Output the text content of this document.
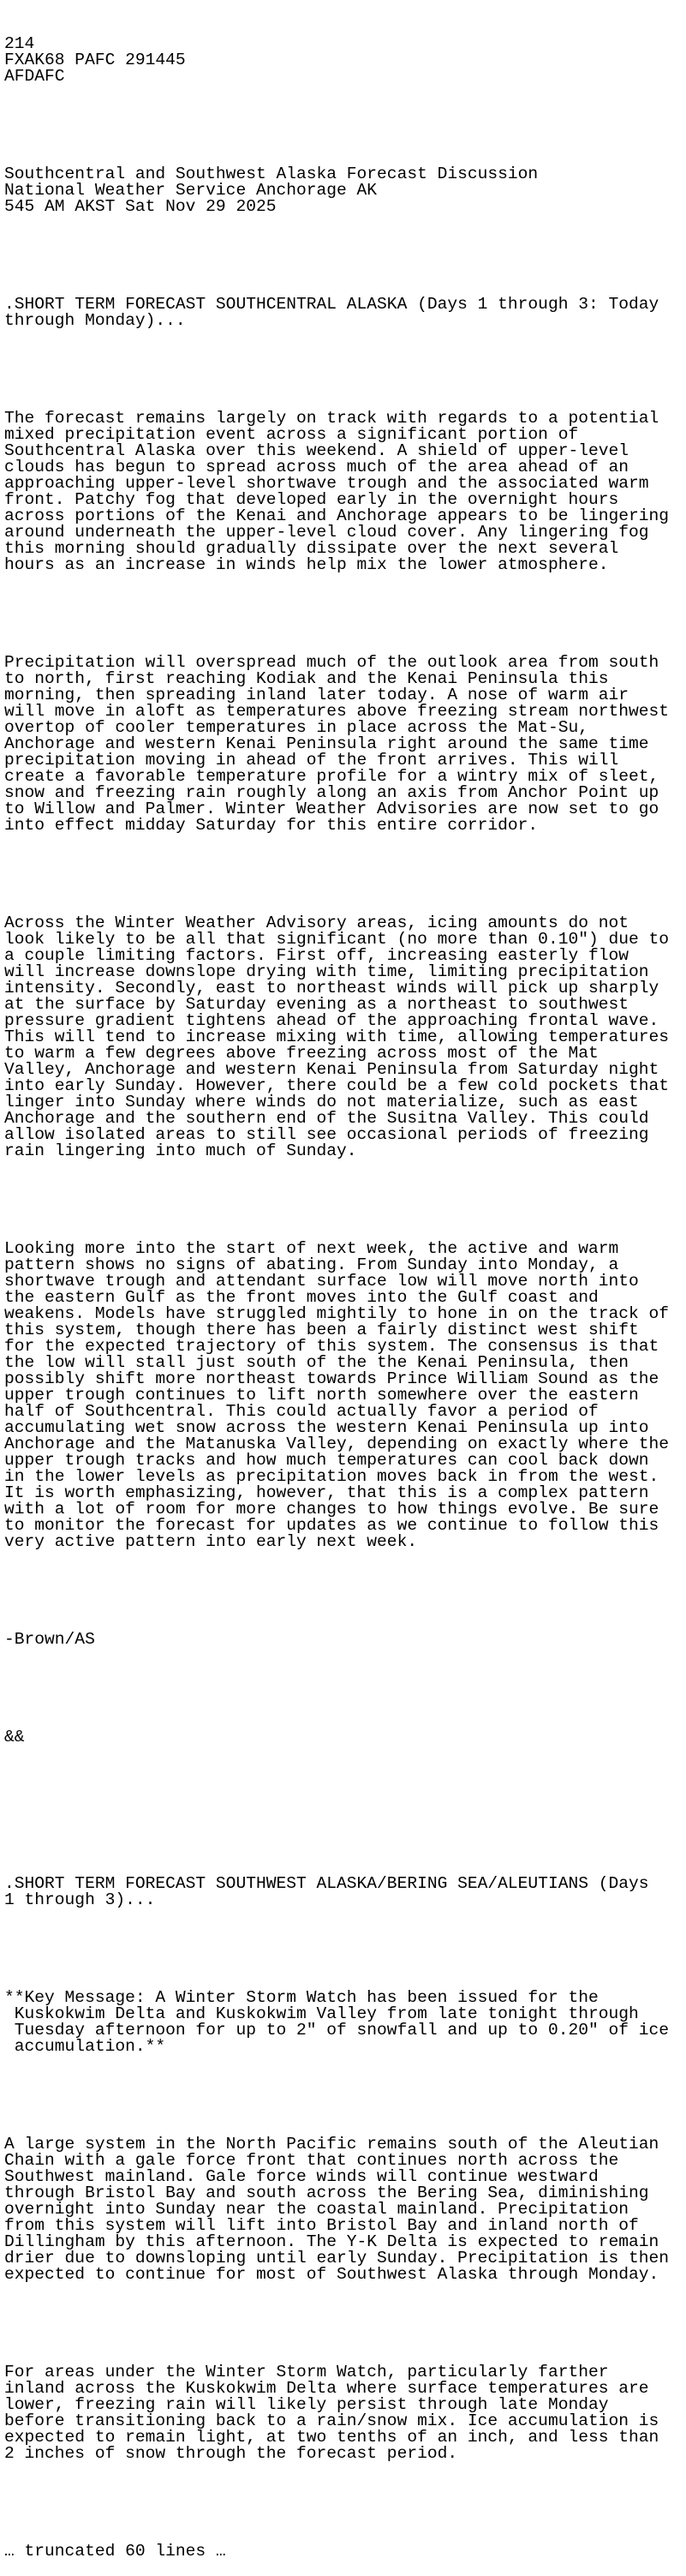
214
FXAK68 PAFC 291445
AFDAFC

Southcentral and Southwest Alaska Forecast Discussion
National Weather Service Anchorage AK
545 AM AKST Sat Nov 29 2025

.SHORT TERM FORECAST SOUTHCENTRAL ALASKA (Days 1 through 3: Today
through Monday)...

The forecast remains largely on track with regards to a potential
mixed precipitation event across a significant portion of
Southcentral Alaska over this weekend. A shield of upper-level
clouds has begun to spread across much of the area ahead of an
approaching upper-level shortwave trough and the associated warm
front. Patchy fog that developed early in the overnight hours
across portions of the Kenai and Anchorage appears to be lingering
around underneath the upper-level cloud cover. Any lingering fog
this morning should gradually dissipate over the next several
hours as an increase in winds help mix the lower atmosphere.

Precipitation will overspread much of the outlook area from south
to north, first reaching Kodiak and the Kenai Peninsula this
morning, then spreading inland later today. A nose of warm air
will move in aloft as temperatures above freezing stream northwest
overtop of cooler temperatures in place across the Mat-Su,
Anchorage and western Kenai Peninsula right around the same time
precipitation moving in ahead of the front arrives. This will
create a favorable temperature profile for a wintry mix of sleet,
snow and freezing rain roughly along an axis from Anchor Point up
to Willow and Palmer. Winter Weather Advisories are now set to go
into effect midday Saturday for this entire corridor.

Across the Winter Weather Advisory areas, icing amounts do not
look likely to be all that significant (no more than 0.10") due to
a couple limiting factors. First off, increasing easterly flow
will increase downslope drying with time, limiting precipitation
intensity. Secondly, east to northeast winds will pick up sharply
at the surface by Saturday evening as a northeast to southwest
pressure gradient tightens ahead of the approaching frontal wave.
This will tend to increase mixing with time, allowing temperatures
to warm a few degrees above freezing across most of the Mat
Valley, Anchorage and western Kenai Peninsula from Saturday night
into early Sunday. However, there could be a few cold pockets that
linger into Sunday where winds do not materialize, such as east
Anchorage and the southern end of the Susitna Valley. This could
allow isolated areas to still see occasional periods of freezing
rain lingering into much of Sunday.

Looking more into the start of next week, the active and warm
pattern shows no signs of abating. From Sunday into Monday, a
shortwave trough and attendant surface low will move north into
the eastern Gulf as the front moves into the Gulf coast and
weakens. Models have struggled mightily to hone in on the track of
this system, though there has been a fairly distinct west shift
for the expected trajectory of this system. The consensus is that
the low will stall just south of the the Kenai Peninsula, then
possibly shift more northeast towards Prince William Sound as the
upper trough continues to lift north somewhere over the eastern
half of Southcentral. This could actually favor a period of
accumulating wet snow across the western Kenai Peninsula up into
Anchorage and the Matanuska Valley, depending on exactly where the
upper trough tracks and how much temperatures can cool back down
in the lower levels as precipitation moves back in from the west.
It is worth emphasizing, however, that this is a complex pattern
with a lot of room for more changes to how things evolve. Be sure
to monitor the forecast for updates as we continue to follow this
very active pattern into early next week.

-Brown/AS

&&

.SHORT TERM FORECAST SOUTHWEST ALASKA/BERING SEA/ALEUTIANS (Days
1 through 3)...

**Key Message: A Winter Storm Watch has been issued for the
Kuskokwim Delta and Kuskokwim Valley from late tonight through
Tuesday afternoon for up to 2" of snowfall and up to 0.20" of ice
accumulation.**

A large system in the North Pacific remains south of the Aleutian
Chain with a gale force front that continues north across the
Southwest mainland. Gale force winds will continue westward
through Bristol Bay and south across the Bering Sea, diminishing
overnight into Sunday near the coastal mainland. Precipitation
from this system will lift into Bristol Bay and inland north of
Dillingham by this afternoon. The Y-K Delta is expected to remain
drier due to downsloping until early Sunday. Precipitation is then
expected to continue for most of Southwest Alaska through Monday.

For areas under the Winter Storm Watch, particularly farther
inland across the Kuskokwim Delta where surface temperatures are
lower, freezing rain will likely persist through late Monday
before transitioning back to a rain/snow mix. Ice accumulation is
expected to remain light, at two tenths of an inch, and less than
2 inches of snow through the forecast period.

… truncated 60 lines …
